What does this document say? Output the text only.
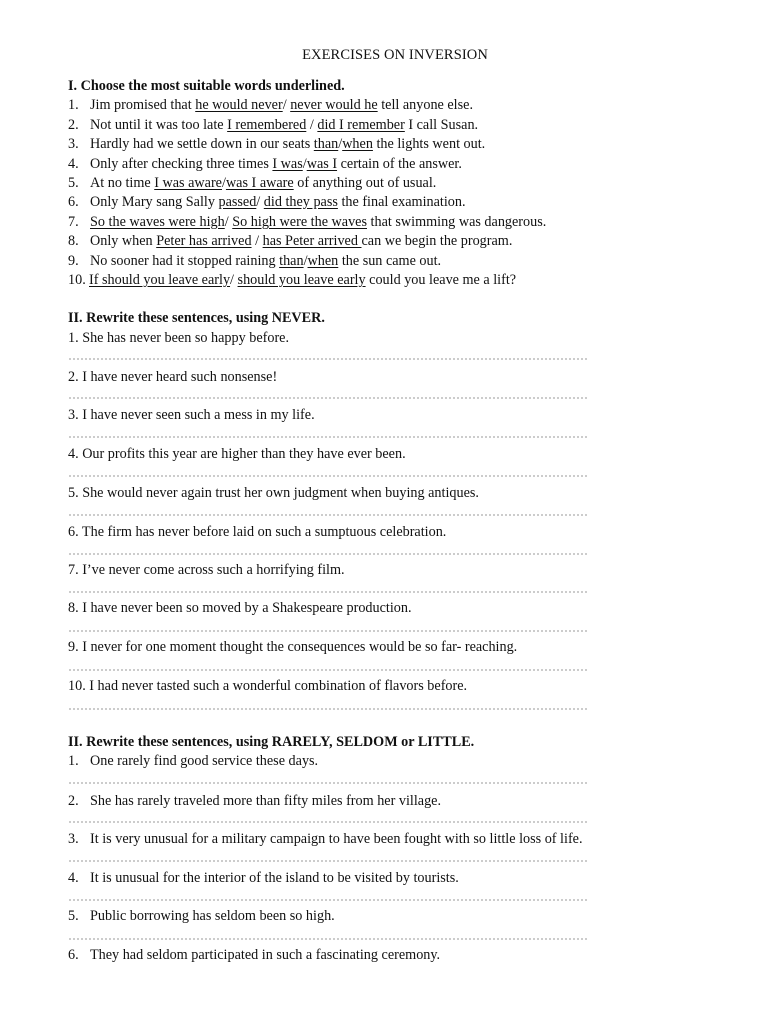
EXERCISES ON INVERSION
I. Choose the most suitable words underlined.
1. Jim promised that he would never/ never would he tell anyone else.
2. Not until it was too late I remembered / did I remember I call Susan.
3. Hardly had we settle down in our seats than/when the lights went out.
4. Only after checking three times I was/was I certain of the answer.
5. At no time I was aware/was I aware of anything out of usual.
6. Only Mary sang Sally passed/ did they pass the final examination.
7. So the waves were high/ So high were the waves that swimming was dangerous.
8. Only when Peter has arrived / has Peter arrived can we begin the program.
9. No sooner had it stopped raining than/when the sun came out.
10. If should you leave early/ should you leave early could you leave me a lift?
II. Rewrite these sentences, using NEVER.
1. She has never been so happy before.
2. I have never heard such nonsense!
3. I have never seen such a mess in my life.
4. Our profits this year are higher than they have ever been.
5. She would never again trust her own judgment when buying antiques.
6. The firm has never before laid on such a sumptuous celebration.
7. I’ve never come across such a horrifying film.
8. I have never been so moved by a Shakespeare production.
9. I never for one moment thought the consequences would be so far- reaching.
10. I had never tasted such a wonderful combination of flavors before.
II. Rewrite these sentences, using RARELY, SELDOM or LITTLE.
1. One rarely find good service these days.
2. She has rarely traveled more than fifty miles from her village.
3. It is very unusual for a military campaign to have been fought with so little loss of life.
4. It is unusual for the interior of the island to be visited by tourists.
5. Public borrowing has seldom been so high.
6. They had seldom participated in such a fascinating ceremony.
